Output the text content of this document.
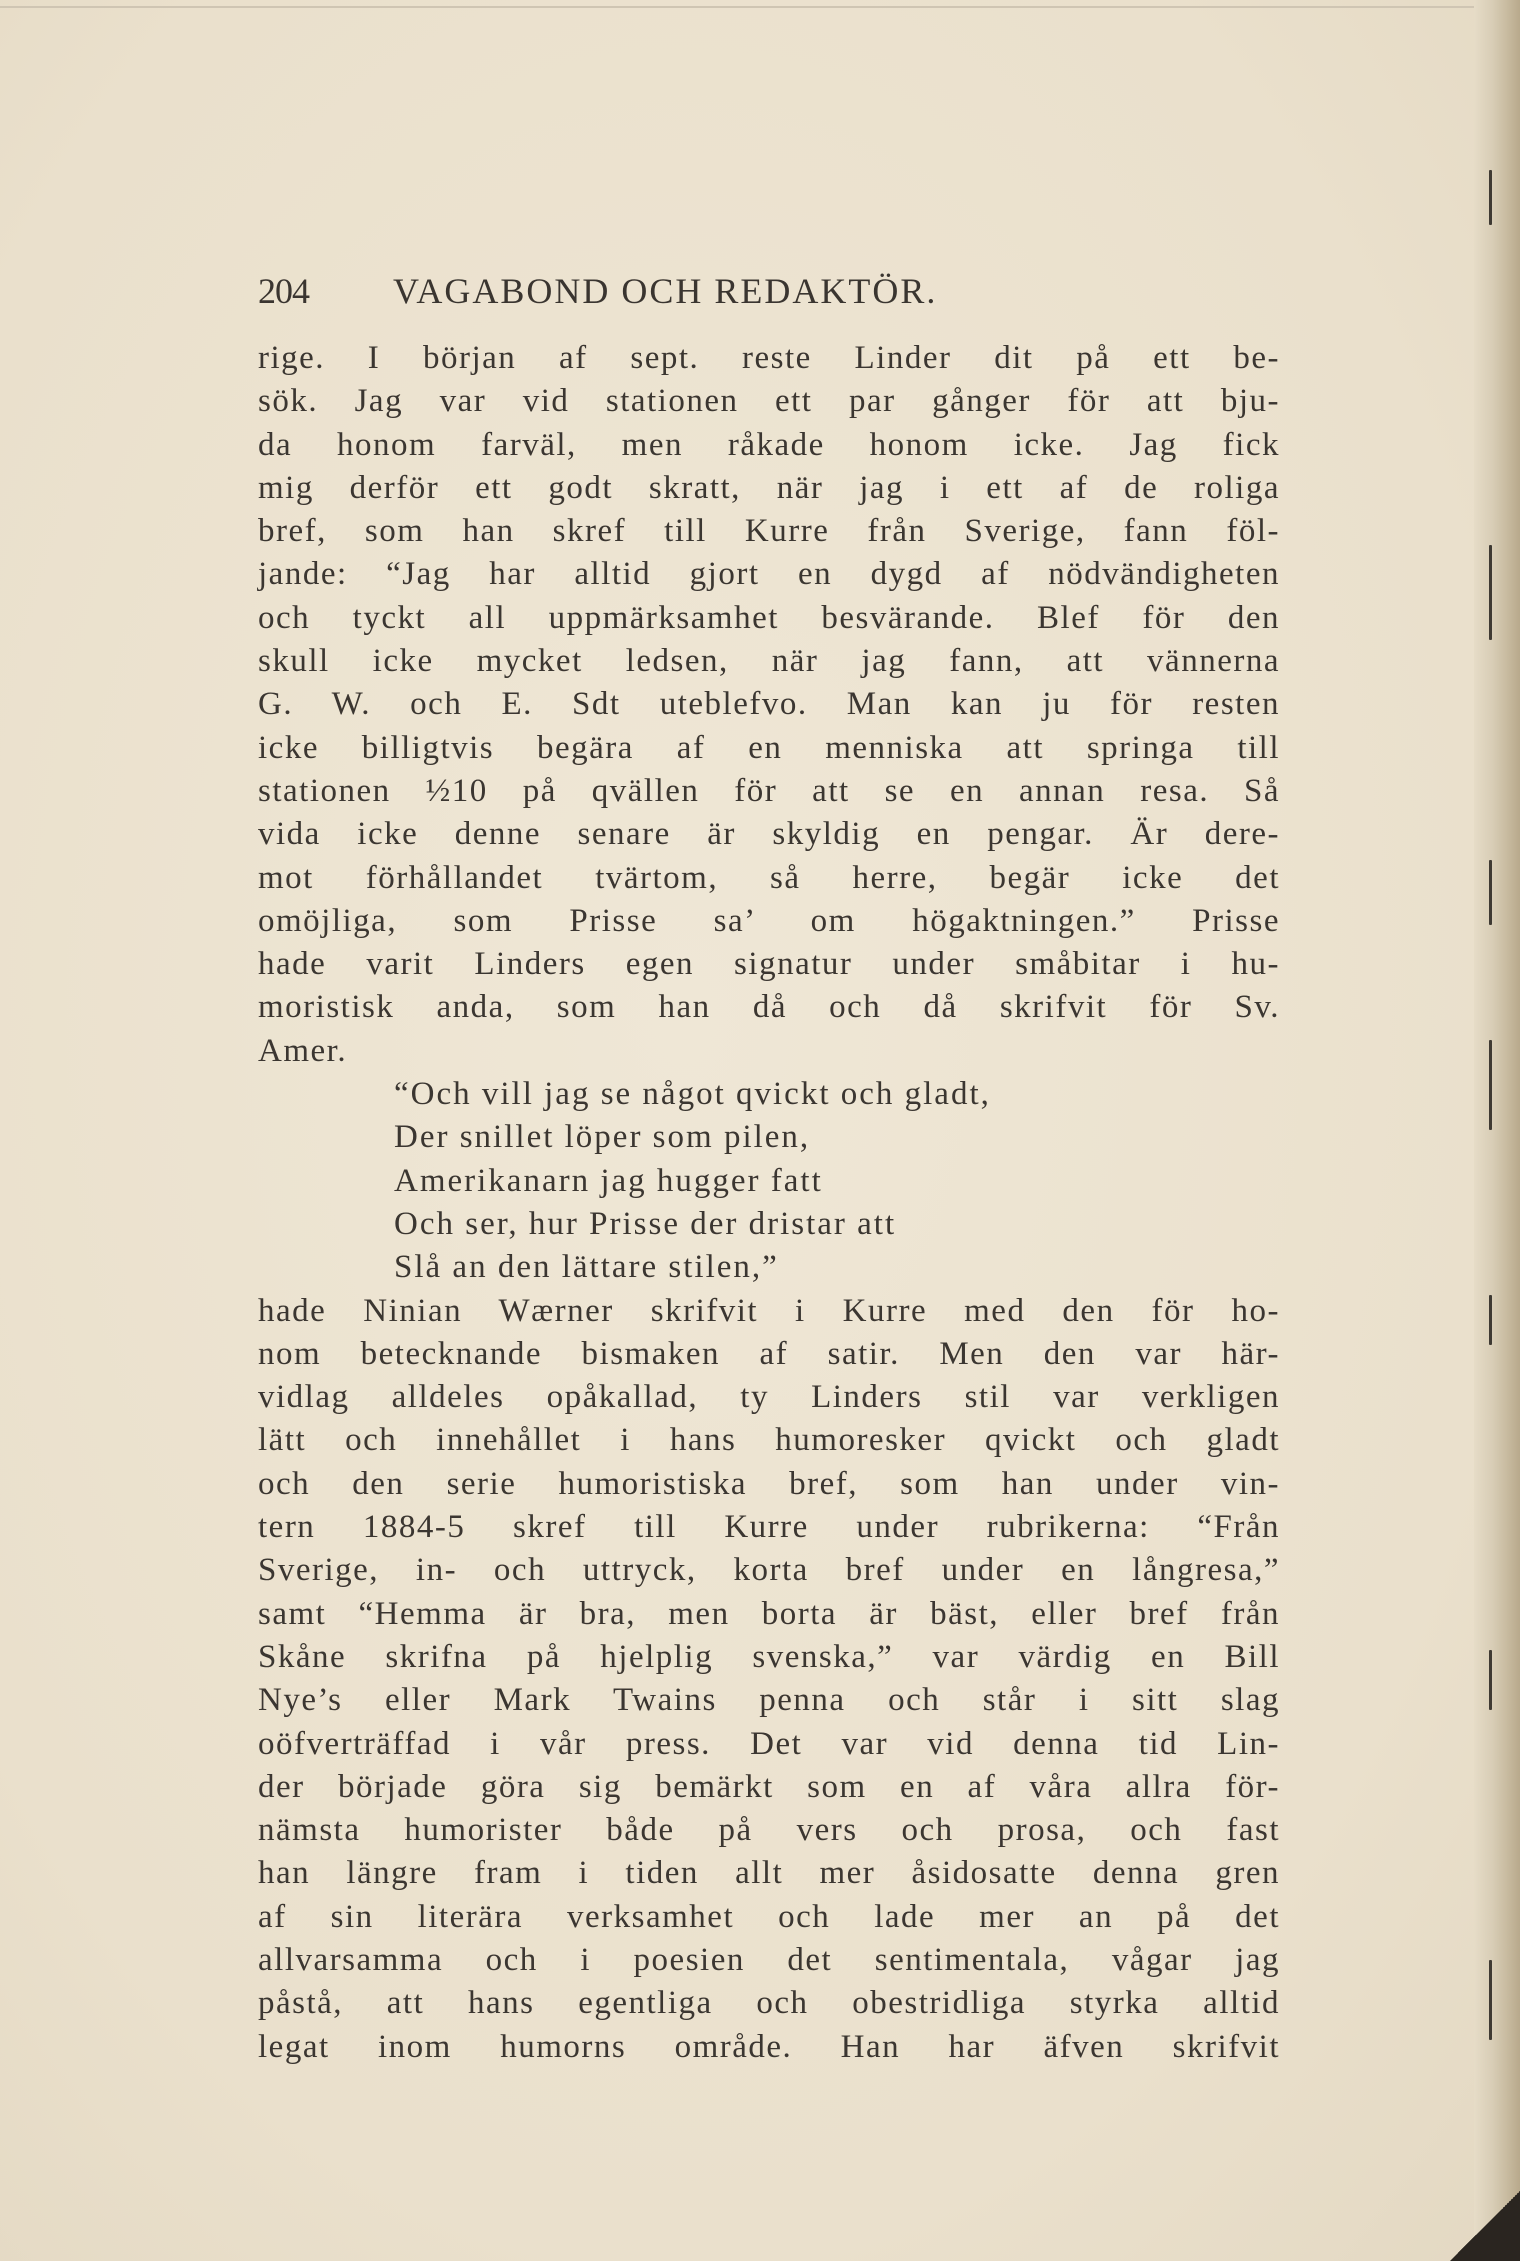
204 VAGABOND OCH REDAKTÖR.
rige. I början af sept. reste Linder dit på ett be-
sök. Jag var vid stationen ett par gånger för att bju-
da honom farväl, men råkade honom icke. Jag fick
mig derför ett godt skratt, när jag i ett af de roliga
bref, som han skref till Kurre från Sverige, fann föl-
jande: “Jag har alltid gjort en dygd af nödvändigheten
och tyckt all uppmärksamhet besvärande. Blef för den
skull icke mycket ledsen, när jag fann, att vännerna
G. W. och E. Sdt uteblefvo. Man kan ju för resten
icke billigtvis begära af en menniska att springa till
stationen ½10 på qvällen för att se en annan resa. Så
vida icke denne senare är skyldig en pengar. Är dere-
mot förhållandet tvärtom, så herre, begär icke det
omöjliga, som Prisse sa’ om högaktningen.” Prisse
hade varit Linders egen signatur under småbitar i hu-
moristisk anda, som han då och då skrifvit för Sv.
Amer.
“Och vill jag se något qvickt och gladt,
Der snillet löper som pilen,
Amerikanarn jag hugger fatt
Och ser, hur Prisse der dristar att
Slå an den lättare stilen,”
hade Ninian Wærner skrifvit i Kurre med den för ho-
nom betecknande bismaken af satir. Men den var här-
vidlag alldeles opåkallad, ty Linders stil var verkligen
lätt och innehållet i hans humoresker qvickt och gladt
och den serie humoristiska bref, som han under vin-
tern 1884-5 skref till Kurre under rubrikerna: “Från
Sverige, in- och uttryck, korta bref under en långresa,”
samt “Hemma är bra, men borta är bäst, eller bref från
Skåne skrifna på hjelplig svenska,” var värdig en Bill
Nye’s eller Mark Twains penna och står i sitt slag
oöfverträffad i vår press. Det var vid denna tid Lin-
der började göra sig bemärkt som en af våra allra för-
nämsta humorister både på vers och prosa, och fast
han längre fram i tiden allt mer åsidosatte denna gren
af sin literära verksamhet och lade mer an på det
allvarsamma och i poesien det sentimentala, vågar jag
påstå, att hans egentliga och obestridliga styrka alltid
legat inom humorns område. Han har äfven skrifvit
